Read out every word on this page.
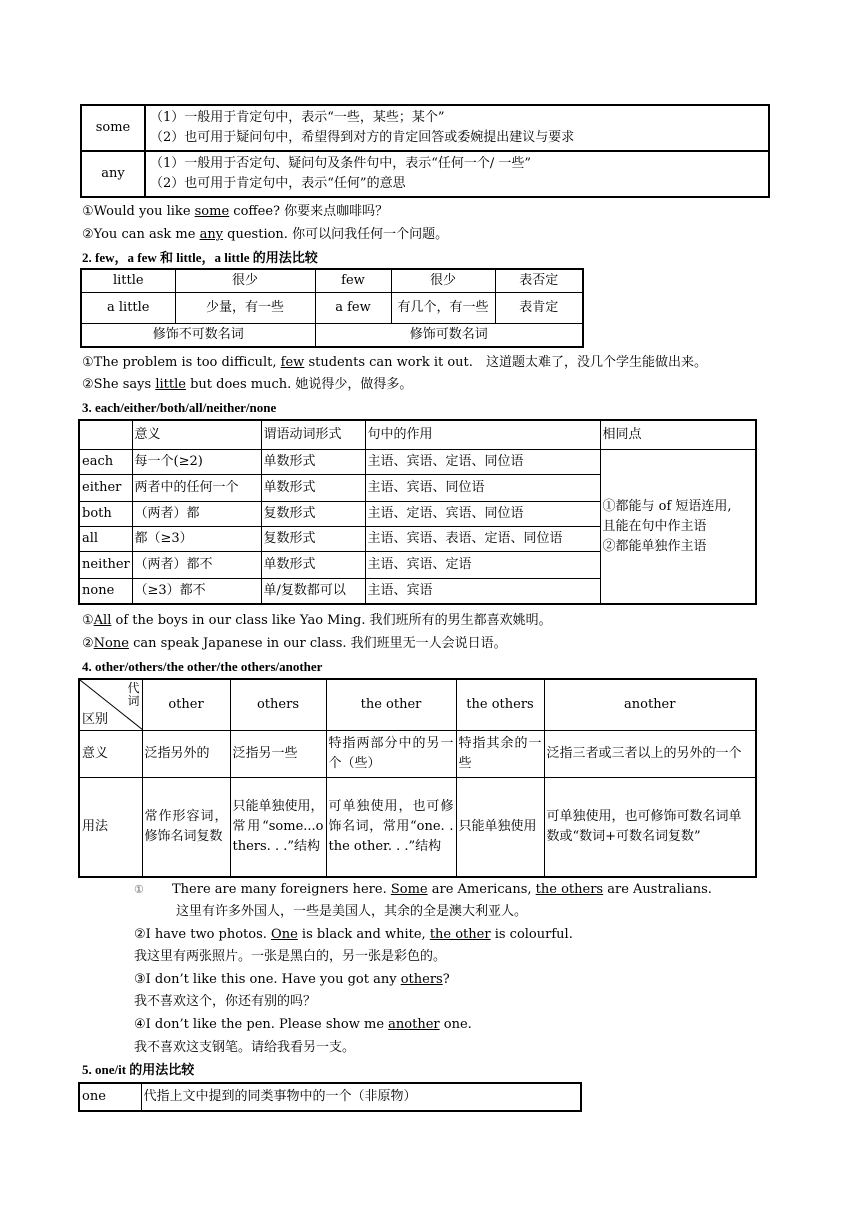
some	（1）一般用于肯定句中，表示“一些，某些；某个”
（2）也可用于疑问句中，希望得到对方的肯定回答或委婉提出建议与要求

any	（1）一般用于否定句、疑问句及条件句中，表示“任何一个/ 一些”
（2）也可用于肯定句中，表示“任何”的意思
①Would you like some coffee? 你要来点咖啡吗？
②You can ask me any question. 你可以问我任何一个问题。
2. few，a few 和 little，a little 的用法比较
little	很少	few	很少	表否定
a little	少量，有一些	a few	有几个，有一些	表肯定
修饰不可数名词		修饰可数名词		
①The problem is too difficult, few students can work it out. 这道题太难了，没几个学生能做出来。
②She says little but does much. 她说得少，做得多。
3. each/either/both/all/neither/none
	意义	谓语动词形式	句中的作用	相同点
each	每一个(≥2)	单数形式	主语、宾语、定语、同位语	①都能与 of 短语连用,
且能在句中作主语
②都能单独作主语

either	两者中的任何一个	单数形式	主语、宾语、同位语	
both	（两者）都	复数形式	主语、定语、宾语、同位语	
all	都（≥3）	复数形式	主语、宾语、表语、定语、同位语	
neither	（两者）都不	单数形式	主语、宾语、定语	
none	（≥3）都不	单/复数都可以	主语、宾语	
①All of the boys in our class like Yao Ming. 我们班所有的男生都喜欢姚明。
②None can speak Japanese in our class. 我们班里无一人会说日语。
4. other/others/the other/the others/another
代词
区别	other	others	the other	the others	another
意义	泛指另外的	泛指另一些	特指两部分中的另一个（些）	特指其余的一些	泛指三者或三者以上的另外的一个
用法	常作形容词，修饰名词复数	只能单独使用，常用“some...others. . .”结构	可单独使用，也可修饰名词，常用“one. . the other. . .”结构	只能单独使用	可单独使用，也可修饰可数名词单数或“数词+可数名词复数”
① There are many foreigners here. Some are Americans, the others are Australians.
这里有许多外国人，一些是美国人，其余的全是澳大利亚人。
②I have two photos. One is black and white, the other is colourful.
我这里有两张照片。一张是黑白的，另一张是彩色的。
③I don’t like this one. Have you got any others?
我不喜欢这个，你还有别的吗？
④I don’t like the pen. Please show me another one.
我不喜欢这支钢笔。请给我看另一支。
5. one/it 的用法比较
one	代指上文中提到的同类事物中的一个（非原物）
